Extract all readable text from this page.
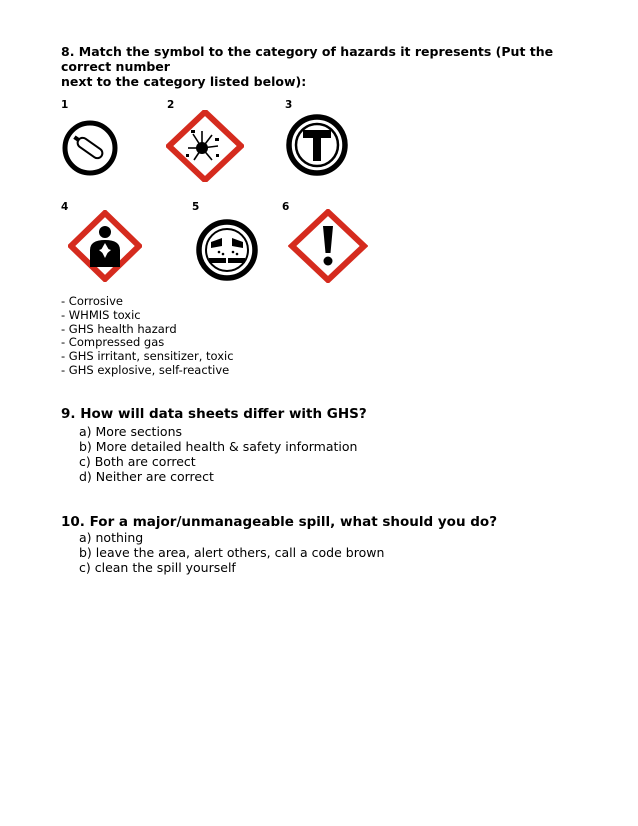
8. Match the symbol to the category of hazards it represents (Put the correct number
next to the category listed below):
1	2	3
4	5	6
- Corrosive
- WHMIS toxic
- GHS health hazard
- Compressed gas
- GHS irritant, sensitizer, toxic
- GHS explosive, self-reactive
9. How will data sheets differ with GHS?
a) More sections
b) More detailed health & safety information
c) Both are correct
d) Neither are correct
10. For a major/unmanageable spill, what should you do?
a) nothing
b) leave the area, alert others, call a code brown
c) clean the spill yourself
